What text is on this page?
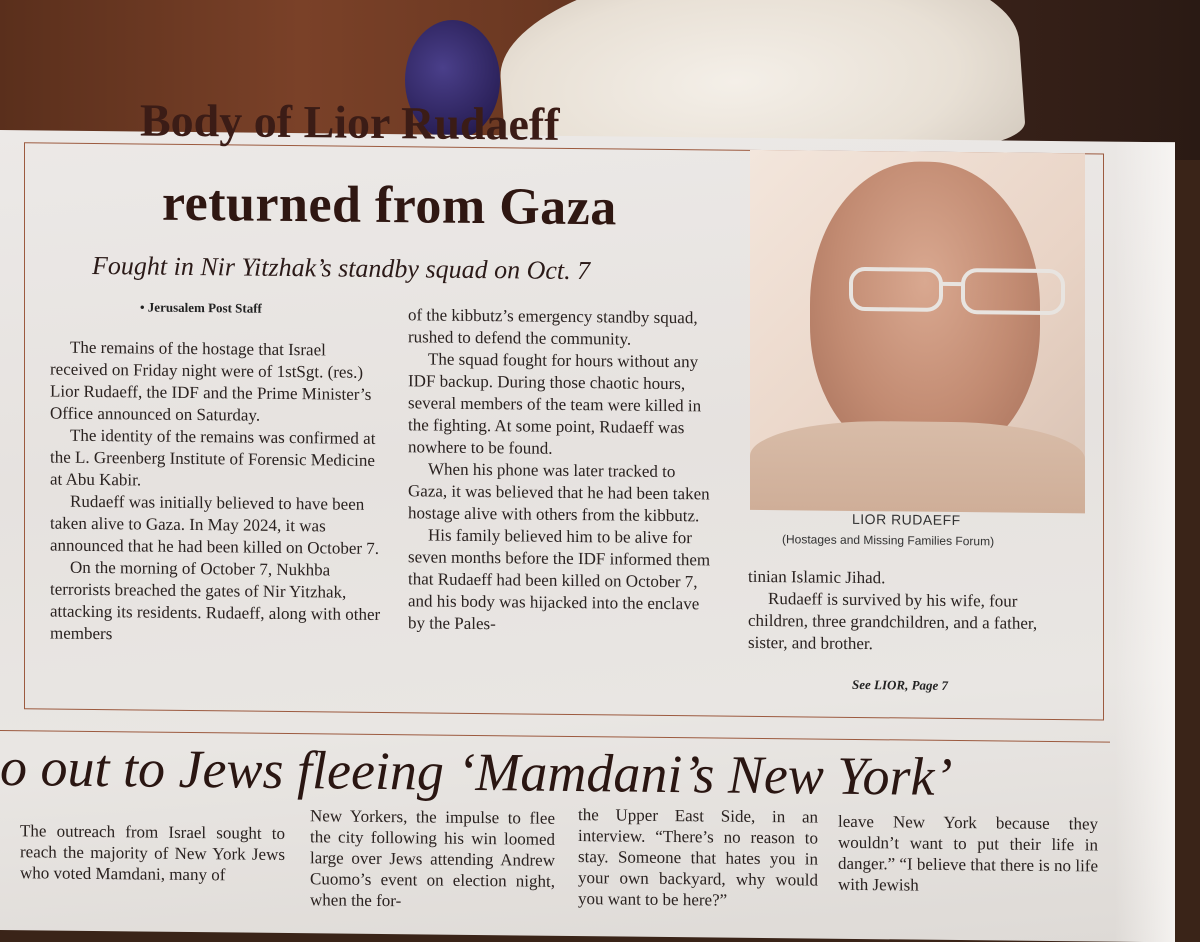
Body of Lior Rudaeff
returned from Gaza
Fought in Nir Yitzhak’s standby squad on Oct. 7
• Jerusalem Post Staff

The remains of the hostage that Israel received on Friday night were of 1stSgt. (res.) Lior Rudaeff, the IDF and the Prime Minister’s Office announced on Saturday.

The identity of the remains was confirmed at the L. Greenberg Institute of Forensic Medicine at Abu Kabir.

Rudaeff was initially believed to have been taken alive to Gaza. In May 2024, it was announced that he had been killed on October 7.

On the morning of October 7, Nukhba terrorists breached the gates of Nir Yitzhak, attacking its residents. Rudaeff, along with other members

of the kibbutz’s emergency standby squad, rushed to defend the community.

The squad fought for hours without any IDF backup. During those chaotic hours, several members of the team were killed in the fighting. At some point, Rudaeff was nowhere to be found.

When his phone was later tracked to Gaza, it was believed that he had been taken hostage alive with others from the kibbutz.

His family believed him to be alive for seven months before the IDF informed them that Rudaeff had been killed on October 7, and his body was hijacked into the enclave by the Pales-

LIOR RUDAEFF
(Hostages and Missing Families Forum)

tinian Islamic Jihad.

Rudaeff is survived by his wife, four children, three grandchildren, and a father, sister, and brother.

See LIOR, Page 7
o out to Jews fleeing ‘Mamdani’s New York’

The outreach from Israel sought to reach the majority of New York Jews who voted Mamdani, many of

New Yorkers, the impulse to flee the city following his win loomed large over Jews attending Andrew Cuomo’s event on election night, when the for-

the Upper East Side, in an interview. “There’s no reason to stay. Someone that hates you in your own backyard, why would you want to be here?”

leave New York because they wouldn’t want to put their life in danger.” “I believe that there is no life with Jewish
